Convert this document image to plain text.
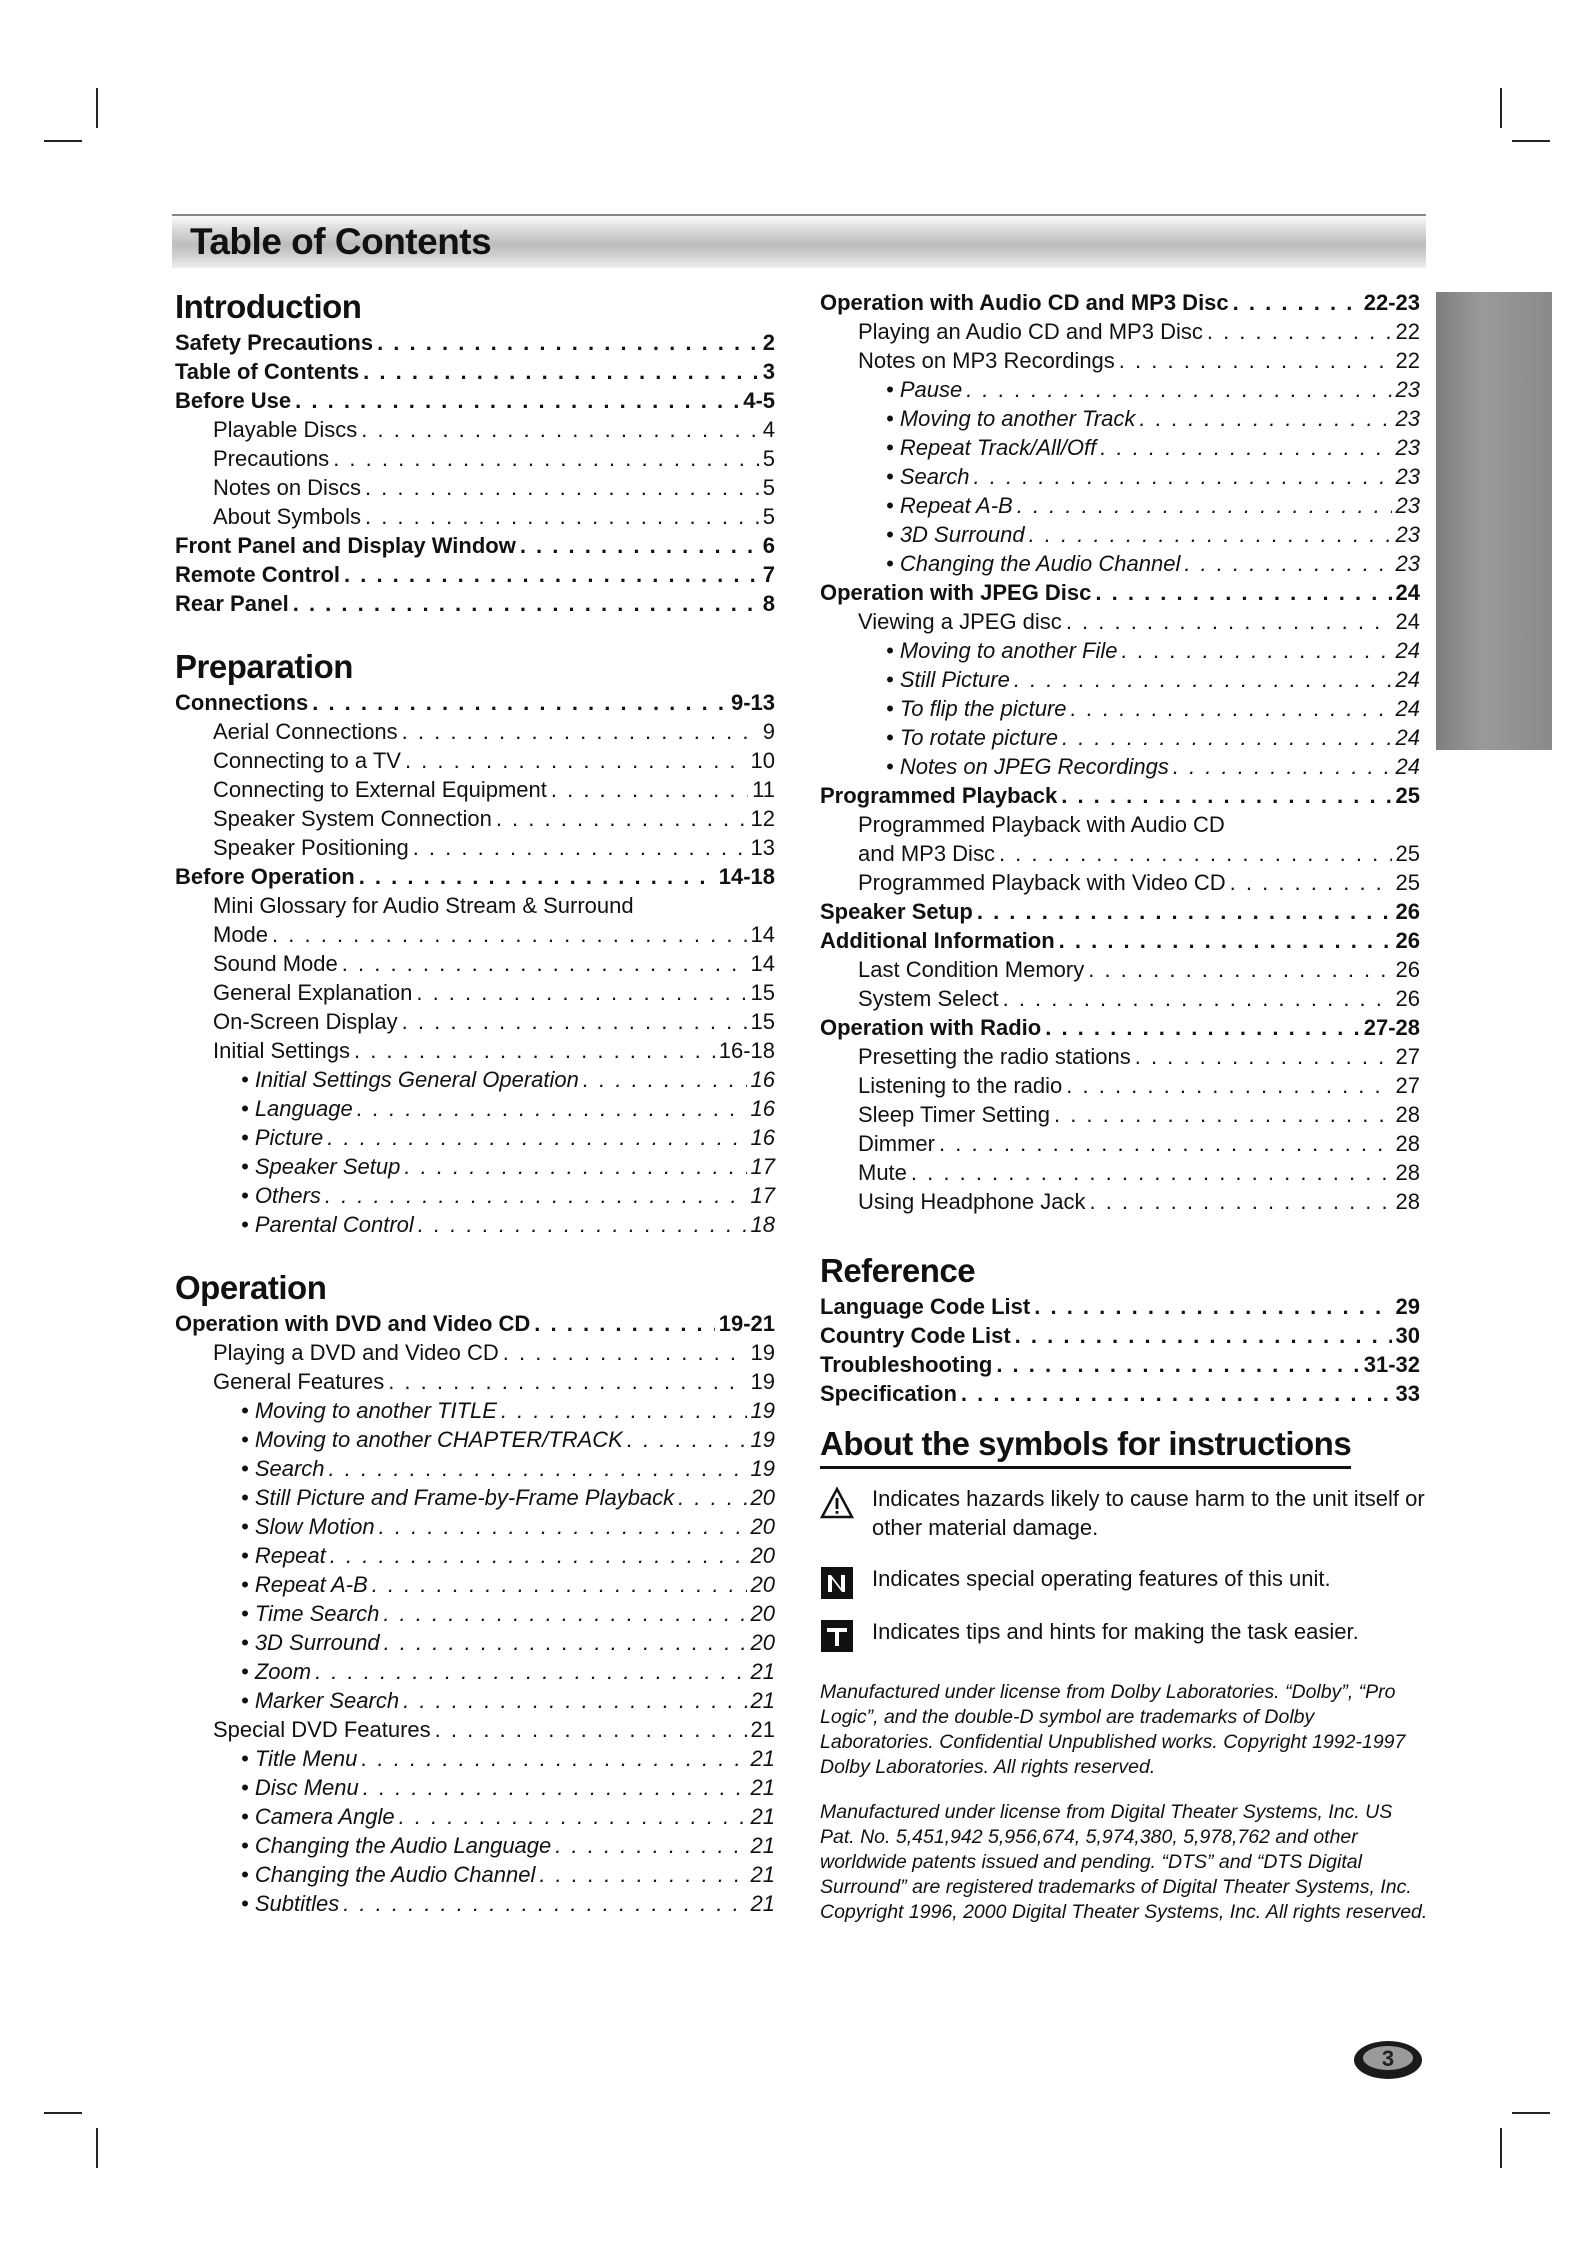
Table of Contents
Introduction
Safety Precautions . . .	2
Table of Contents . . .	3
Before Use . . .	4-5
Playable Discs . . .	4
Precautions . . .	5
Notes on Discs . . .	5
About Symbols . . .	5
Front Panel and Display Window . . .	6
Remote Control . . .	7
Rear Panel . . .	8
Preparation
Connections . . .	9-13
Aerial Connections . . .	9
Connecting to a TV . . .	10
Connecting to External Equipment . . .	11
Speaker System Connection . . .	12
Speaker Positioning . . .	13
Before Operation . . .	14-18
Mini Glossary for Audio Stream & Surround
Mode . . .	14
Sound Mode . . .	14
General Explanation . . .	15
On-Screen Display . . .	15
Initial Settings . . .	16-18
• Initial Settings General Operation . . .	16
• Language . . .	16
• Picture . . .	16
• Speaker Setup . . .	17
• Others . . .	17
• Parental Control . . .	18
Operation
Operation with DVD and Video CD . . .	19-21
Playing a DVD and Video CD . . .	19
General Features . . .	19
• Moving to another TITLE . . .	19
• Moving to another CHAPTER/TRACK . . .	19
• Search . . .	19
• Still Picture and Frame-by-Frame Playback . . .	20
• Slow Motion . . .	20
• Repeat . . .	20
• Repeat A-B . . .	20
• Time Search . . .	20
• 3D Surround . . .	20
• Zoom . . .	21
• Marker Search . . .	21
Special DVD Features . . .	21
• Title Menu . . .	21
• Disc Menu . . .	21
• Camera Angle . . .	21
• Changing the Audio Language . . .	21
• Changing the Audio Channel . . .	21
• Subtitles . . .	21
Operation with Audio CD and MP3 Disc . . .	22-23
Playing an Audio CD and MP3 Disc . . .	22
Notes on MP3 Recordings . . .	22
• Pause . . .	23
• Moving to another Track . . .	23
• Repeat Track/All/Off . . .	23
• Search . . .	23
• Repeat A-B . . .	23
• 3D Surround . . .	23
• Changing the Audio Channel . . .	23
Operation with JPEG Disc . . .	24
Viewing a JPEG disc . . .	24
• Moving to another File . . .	24
• Still Picture . . .	24
• To flip the picture . . .	24
• To rotate picture . . .	24
• Notes on JPEG Recordings . . .	24
Programmed Playback . . .	25
Programmed Playback with Audio CD
and MP3 Disc . . .	25
Programmed Playback with Video CD . . .	25
Speaker Setup . . .	26
Additional Information . . .	26
Last Condition Memory . . .	26
System Select . . .	26
Operation with Radio . . .	27-28
Presetting the radio stations . . .	27
Listening to the radio . . .	27
Sleep Timer Setting . . .	28
Dimmer . . .	28
Mute . . .	28
Using Headphone Jack . . .	28
Reference
Language Code List . . .	29
Country Code List . . .	30
Troubleshooting . . .	31-32
Specification . . .	33
About the symbols for instructions
Indicates hazards likely to cause harm to the unit itself or other material damage.
Indicates special operating features of this unit.
Indicates tips and hints for making the task easier.
Manufactured under license from Dolby Laboratories. “Dolby”, “Pro Logic”, and the double-D symbol are trademarks of Dolby Laboratories. Confidential Unpublished works. Copyright 1992-1997 Dolby Laboratories. All rights reserved.
Manufactured under license from Digital Theater Systems, Inc. US Pat. No. 5,451,942 5,956,674, 5,974,380, 5,978,762 and other worldwide patents issued and pending. “DTS” and “DTS Digital Surround” are registered trademarks of Digital Theater Systems, Inc. Copyright 1996, 2000 Digital Theater Systems, Inc. All rights reserved.
3
